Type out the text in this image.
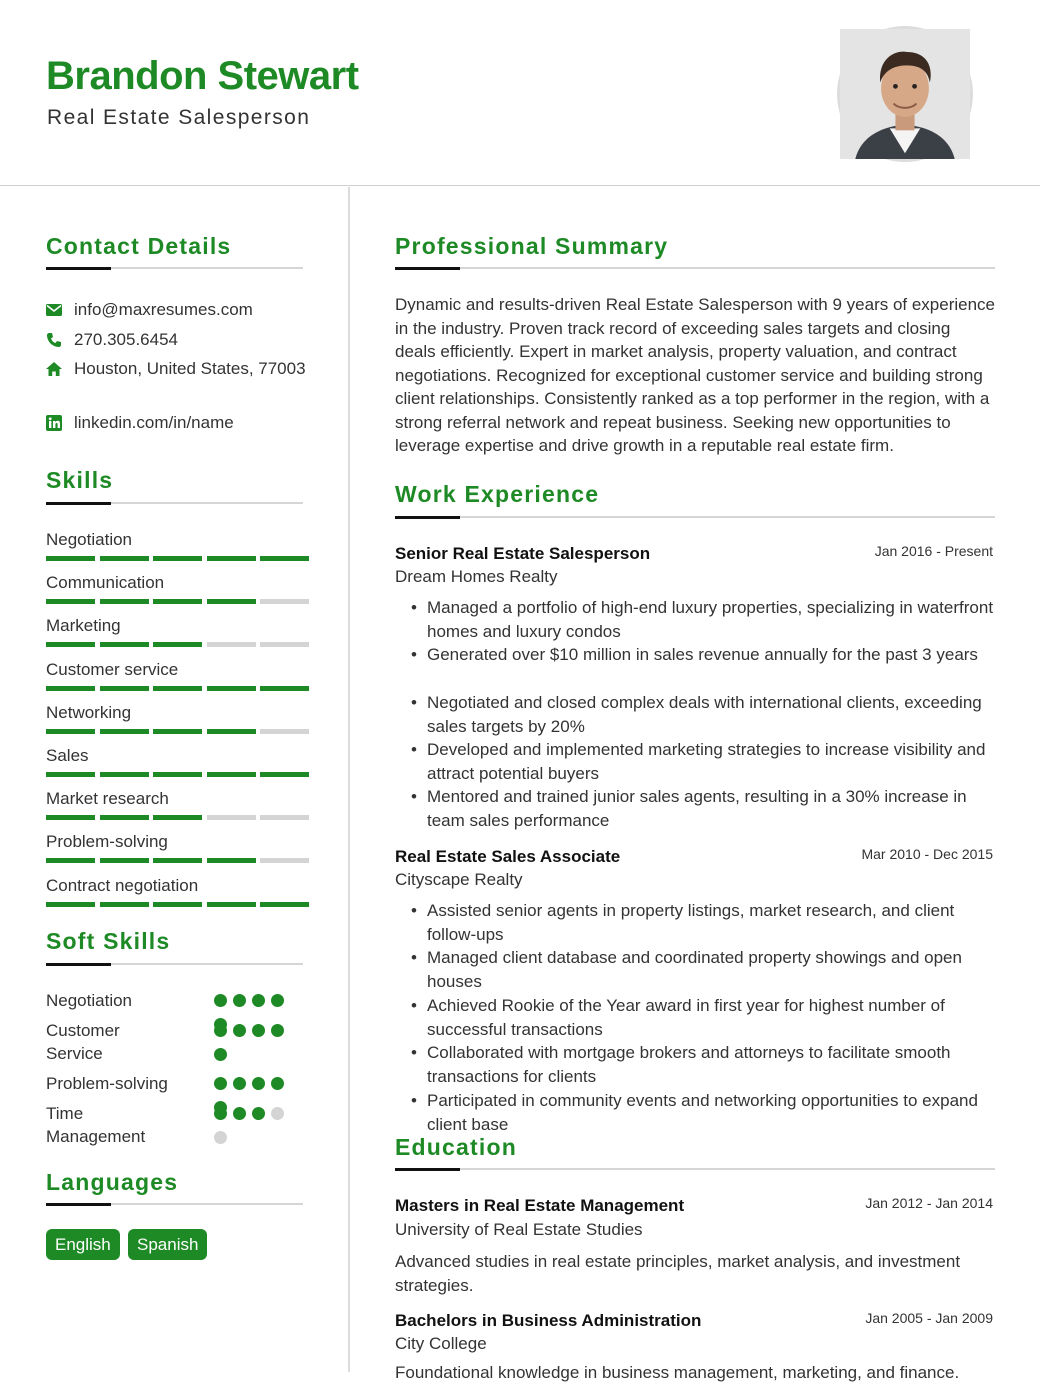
Brandon Stewart
Real Estate Salesperson
Contact Details
info@maxresumes.com
270.305.6454
Houston, United States, 77003
linkedin.com/in/name
Skills
Negotiation
Communication
Marketing
Customer service
Networking
Sales
Market research
Problem-solving
Contract negotiation
Soft Skills
Negotiation
Customer Service
Problem-solving
Time Management
Languages
English	Spanish
Professional Summary
Dynamic and results-driven Real Estate Salesperson with 9 years of experience in the industry. Proven track record of exceeding sales targets and closing deals efficiently. Expert in market analysis, property valuation, and contract negotiations. Recognized for exceptional customer service and building strong client relationships. Consistently ranked as a top performer in the region, with a strong referral network and repeat business. Seeking new opportunities to leverage expertise and drive growth in a reputable real estate firm.
Work Experience
Senior Real Estate Salesperson	Jan 2016 - Present
Dream Homes Realty
• Managed a portfolio of high-end luxury properties, specializing in waterfront homes and luxury condos
• Generated over $10 million in sales revenue annually for the past 3 years
• Negotiated and closed complex deals with international clients, exceeding sales targets by 20%
• Developed and implemented marketing strategies to increase visibility and attract potential buyers
• Mentored and trained junior sales agents, resulting in a 30% increase in team sales performance
Real Estate Sales Associate	Mar 2010 - Dec 2015
Cityscape Realty
• Assisted senior agents in property listings, market research, and client follow-ups
• Managed client database and coordinated property showings and open houses
• Achieved Rookie of the Year award in first year for highest number of successful transactions
• Collaborated with mortgage brokers and attorneys to facilitate smooth transactions for clients
• Participated in community events and networking opportunities to expand client base
Education
Masters in Real Estate Management	Jan 2012 - Jan 2014
University of Real Estate Studies
Advanced studies in real estate principles, market analysis, and investment strategies.
Bachelors in Business Administration	Jan 2005 - Jan 2009
City College
Foundational knowledge in business management, marketing, and finance.
